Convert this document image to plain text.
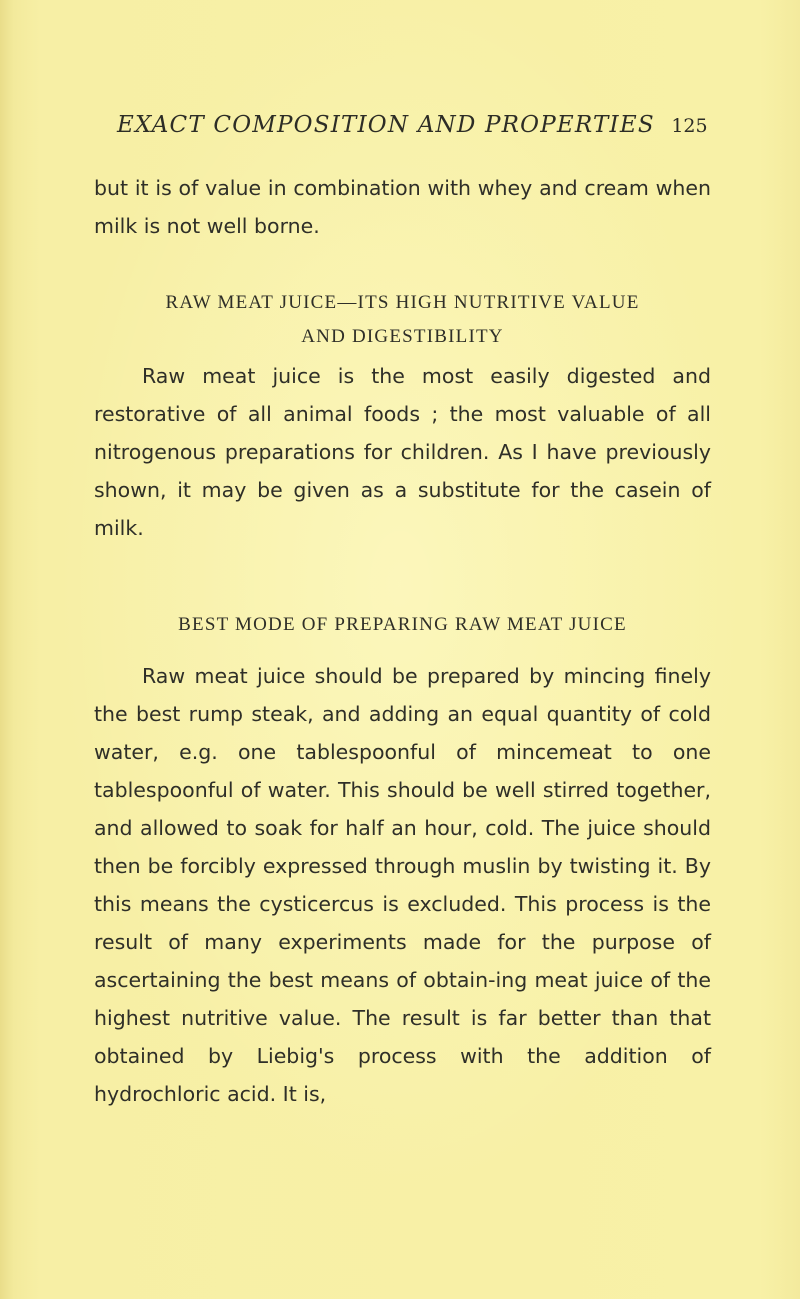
EXACT COMPOSITION AND PROPERTIES 125

but it is of value in combination with whey and cream when milk is not well borne.

RAW MEAT JUICE—ITS HIGH NUTRITIVE VALUE
AND DIGESTIBILITY

Raw meat juice is the most easily digested and restorative of all animal foods ; the most valuable of all nitrogenous preparations for children. As I have previously shown, it may be given as a substitute for the casein of milk.

BEST MODE OF PREPARING RAW MEAT JUICE

Raw meat juice should be prepared by mincing finely the best rump steak, and adding an equal quantity of cold water, e.g. one tablespoonful of mincemeat to one tablespoonful of water. This should be well stirred together, and allowed to soak for half an hour, cold. The juice should then be forcibly expressed through muslin by twisting it. By this means the cysticercus is excluded. This process is the result of many experiments made for the purpose of ascertaining the best means of obtain-ing meat juice of the highest nutritive value. The result is far better than that obtained by Liebig's process with the addition of hydrochloric acid. It is,
